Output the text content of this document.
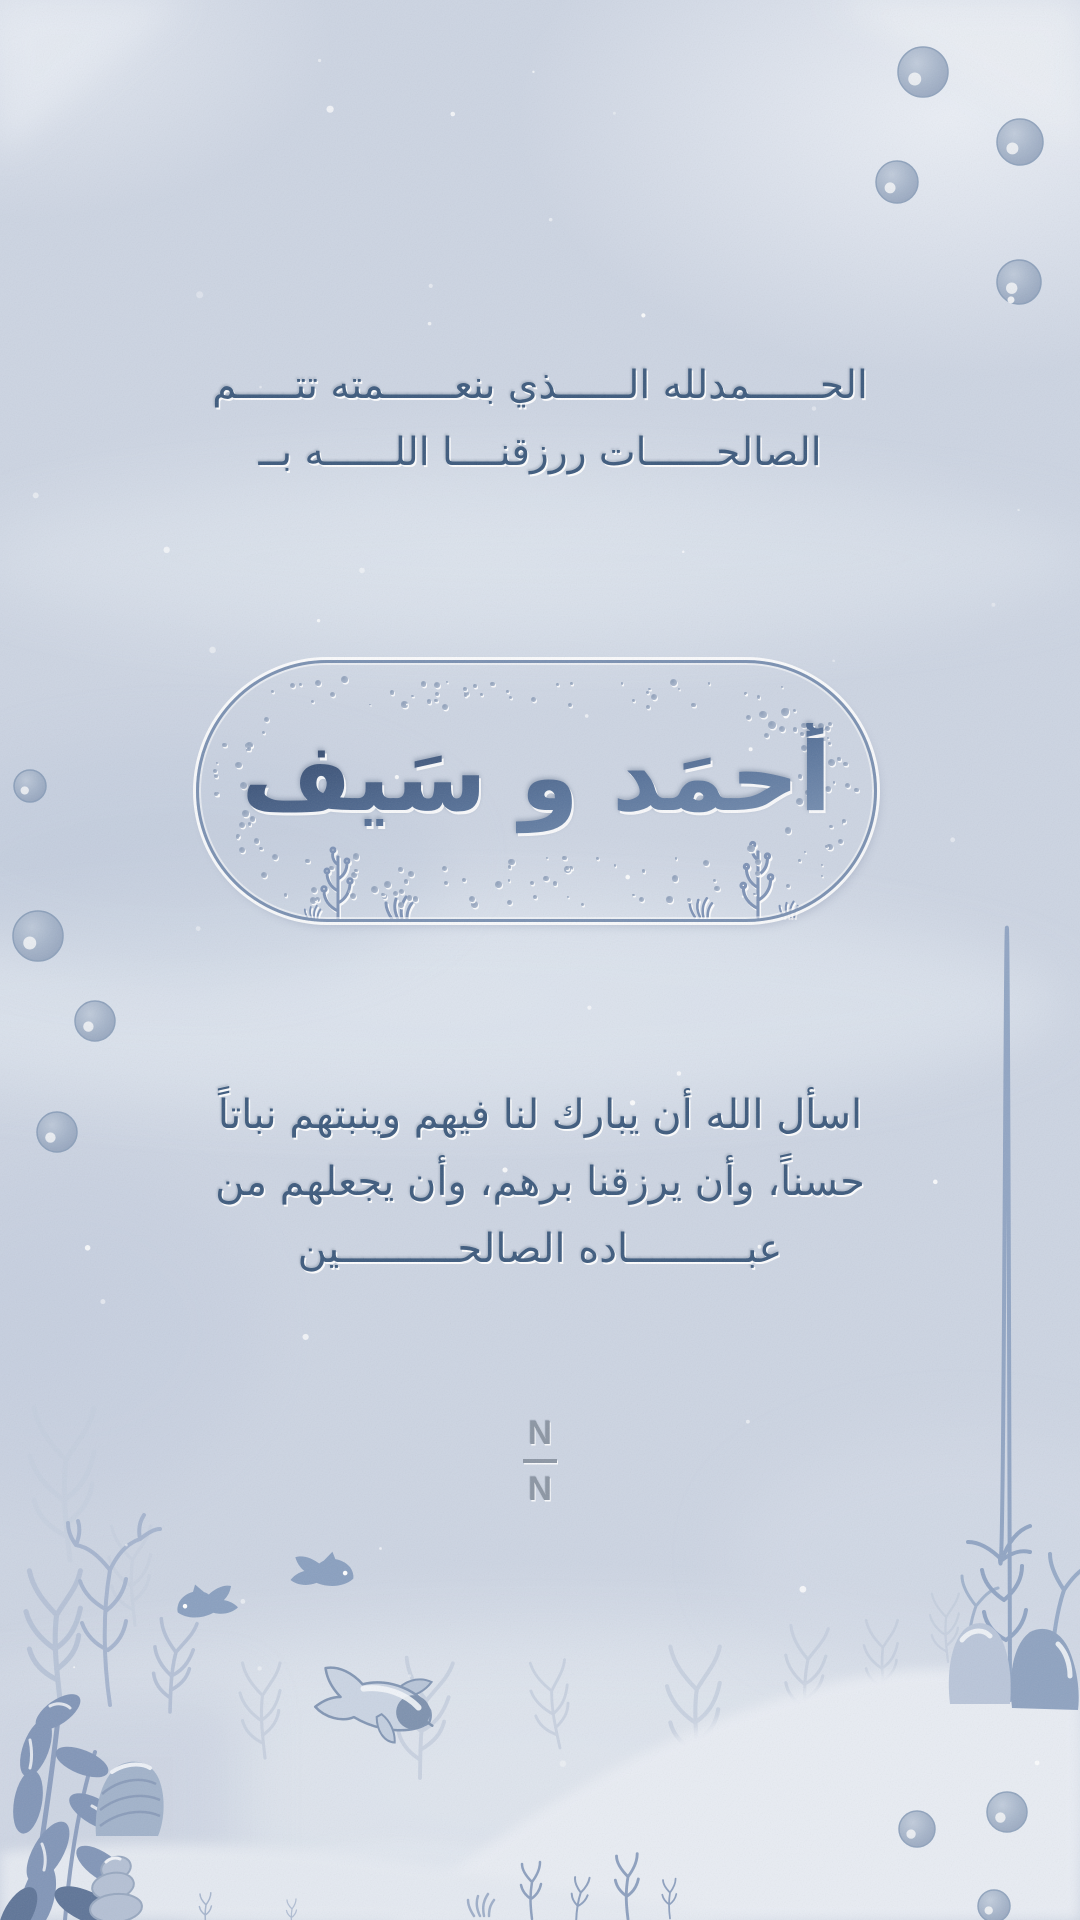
الحــــــمدلله الــــــذي بنعــــــمته تتـــــم
الصالحــــــات ررزقنــــا اللــــــه بــ
أحمَد و سَيف
اسأل الله أن يبارك لنا فيهم وينبتهم نباتاً
حسناً، وأن يرزقنا برهم، وأن يجعلهم من
عبــــــــــاده الصالحــــــــــين
N
N
